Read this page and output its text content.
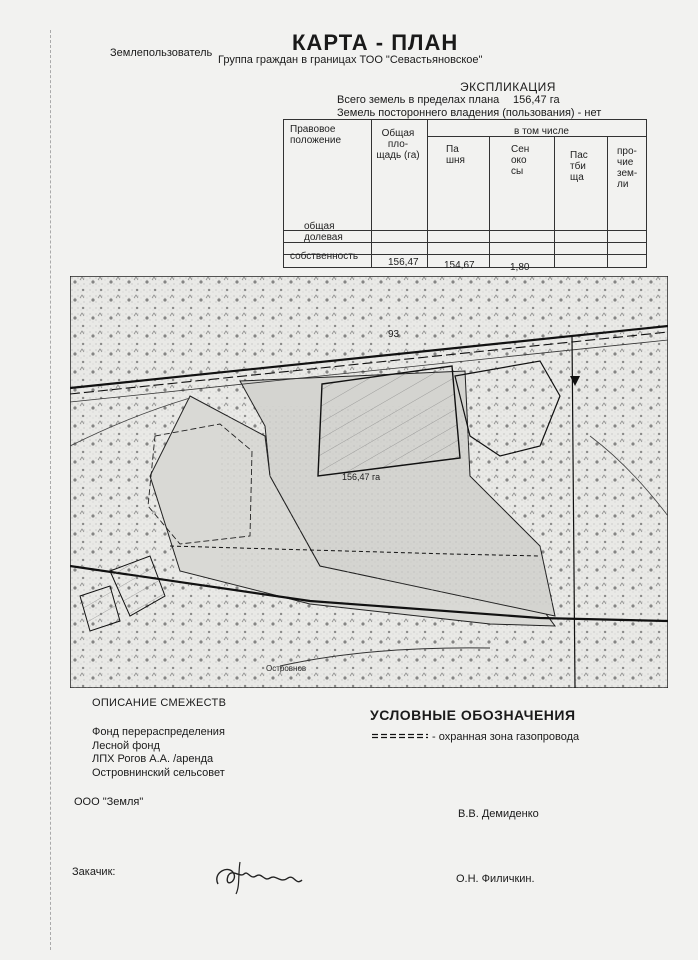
КАРТА - ПЛАН
Землепользователь
Группа граждан в границах ТОО "Севастьяновское"
ЭКСПЛИКАЦИЯ
Всего земель в пределах плана 156,47 га
Земель постороннего владения (пользования) - нет
Правовое положение
Общая пло- щадь (га)
в том числе
Па шня
Сен око сы
Пас тби ща
про- чие зем- ли
общая
долевая
собственность
156,47	154,67	1,80
156,47 га
93
Островнов
ОПИСАНИЕ СМЕЖЕСТВ
Фонд перераспределения
Лесной фонд
ЛПХ Рогов А.А. /аренда
Островнинский сельсовет
УСЛОВНЫЕ ОБОЗНАЧЕНИЯ
- охранная зона газопровода
ООО "Земля"
В.В. Демиденко
Закачик:
О.Н. Филичкин.
